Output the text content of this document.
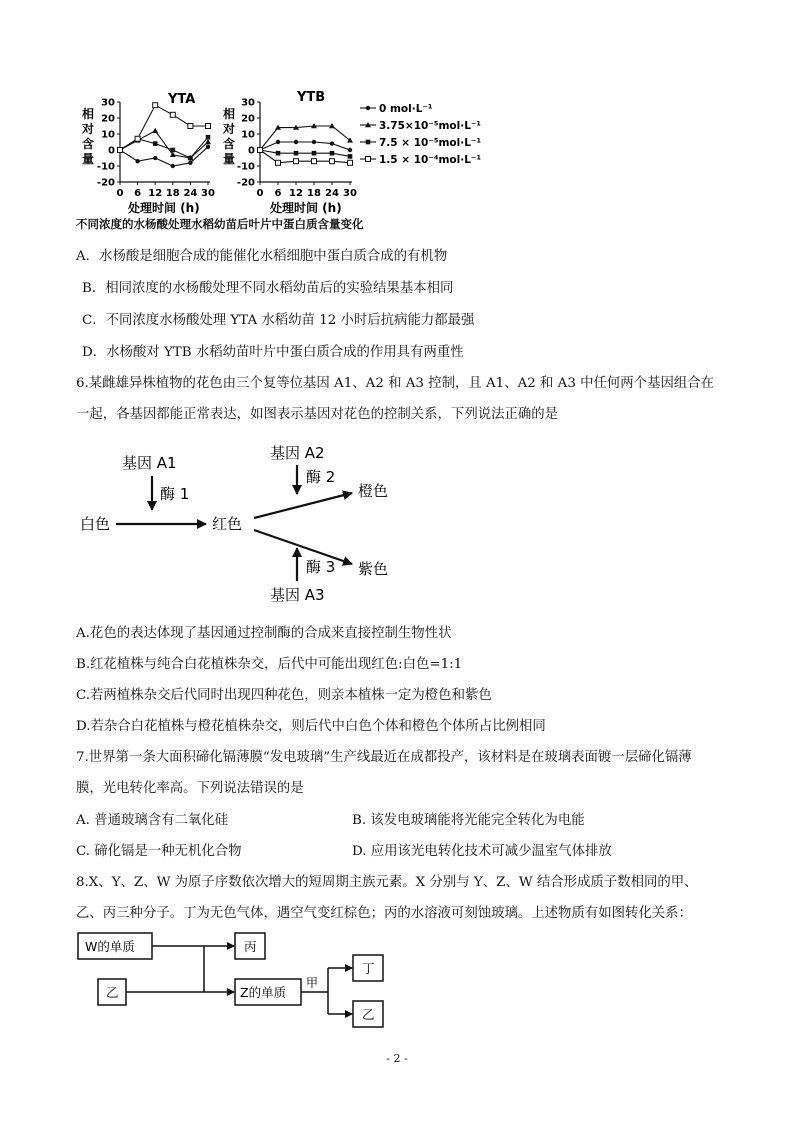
相
对
含
量
相
对
含
量
YTA	YTB
-20
-10
0
10
20
30
0 6 12 18 24 30
-20
-10
0
10
20
30
0 6 12 18 24 30
处理时间 (h)	处理时间 (h)
0 mol·L⁻¹
3.75×10⁻⁵mol·L⁻¹
7.5 × 10⁻⁵mol·L⁻¹
1.5 × 10⁻⁴mol·L⁻¹
不同浓度的水杨酸处理水稻幼苗后叶片中蛋白质含量变化
A．水杨酸是细胞合成的能催化水稻细胞中蛋白质合成的有机物
B．相同浓度的水杨酸处理不同水稻幼苗后的实验结果基本相同
C．不同浓度水杨酸处理 YTA 水稻幼苗 12 小时后抗病能力都最强
D．水杨酸对 YTB 水稻幼苗叶片中蛋白质合成的作用具有两重性
6.某雌雄异株植物的花色由三个复等位基因 A1、A2 和 A3 控制，且 A1、A2 和 A3 中任何两个基因组合在
一起，各基因都能正常表达，如图表示基因对花色的控制关系，下列说法正确的是
基因 A1
酶 1
白色	红色
基因 A2
酶 2
橙色
紫色
酶 3
基因 A3
A.花色的表达体现了基因通过控制酶的合成来直接控制生物性状
B.红花植株与纯合白花植株杂交，后代中可能出现红色:白色=1:1
C.若两植株杂交后代同时出现四种花色，则亲本植株一定为橙色和紫色
D.若杂合白花植株与橙花植株杂交，则后代中白色个体和橙色个体所占比例相同
7.世界第一条大面积碲化镉薄膜“发电玻璃”生产线最近在成都投产，该材料是在玻璃表面镀一层碲化镉薄
膜，光电转化率高。下列说法错误的是
A. 普通玻璃含有二氧化硅	B. 该发电玻璃能将光能完全转化为电能
C. 碲化镉是一种无机化合物	D. 应用该光电转化技术可减少温室气体排放
8.X、Y、Z、W 为原子序数依次增大的短周期主族元素。X 分别与 Y、Z、W 结合形成质子数相同的甲、
乙、丙三种分子。丁为无色气体，遇空气变红棕色；丙的水溶液可刻蚀玻璃。上述物质有如图转化关系：
W的单质
乙
丙
Z的单质
甲
丁
乙
- 2 -
